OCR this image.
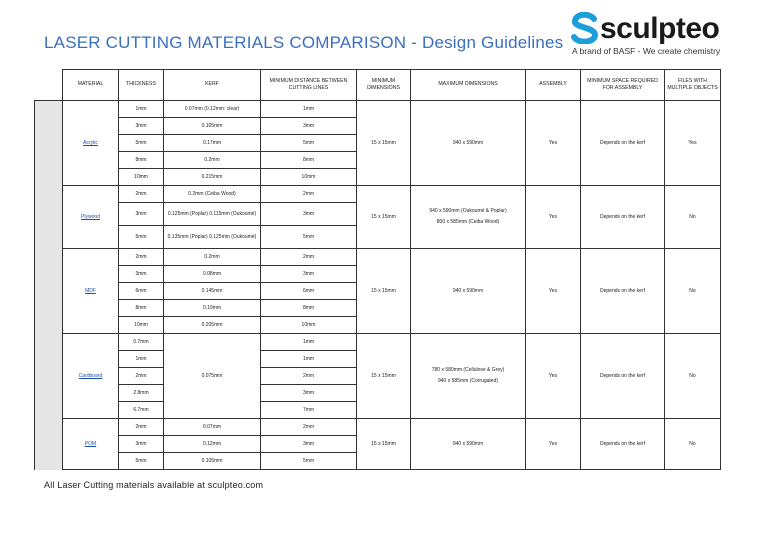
LASER CUTTING MATERIALS COMPARISON - Design Guidelines sculpteo
A brand of BASF - We create chemistry
	MATERIAL	THICKNESS	KERF	MINIMUM DISTANCE BETWEEN CUTTING LINES	MINIMUM DIMENSIONS	MAXIMUM DIMENSIONS	ASSEMBLY	MINIMUM SPACE REQUIRED FOR ASSEMBLY	FILES WITH MULTIPLE OBJECTS
	Acrylic	1mm	0.07mm (0.12mm: clear)	1mm	15 x 15mm	940 x 590mm	Yes	Depends on the kerf	Yes
		3mm	0.105mm	3mm					
		5mm	0.17mm	5mm					
		8mm	0.2mm	8mm					
		10mm	0.215mm	10mm					
	Plywood	2mm	0.2mm (Ceiba Wood)	2mm	15 x 15mm	940 x 590mm (Oukoumé & Poplar)
800 x 585mm (Ceiba Wood)	Yes	Depends on the kerf	No
		3mm	0.125mm (Poplar) 0.115mm (Oukoumé)	3mm					
		5mm	0.135mm (Poplar) 0.125mm (Oukoumé)	5mm					
	MDF	2mm	0.2mm	2mm	15 x 15mm	940 x 590mm	Yes	Depends on the kerf	No
		3mm	0.08mm	3mm					
		6mm	0.145mm	6mm					
		8mm	0.19mm	8mm					
		10mm	0.205mm	10mm					
	Cardboard	0.7mm	0.075mm	1mm	15 x 15mm	780 x 580mm (Cellulose & Grey)
940 x 585mm (Corrugated)	Yes	Depends on the kerf	No
		1mm		1mm					
		2mm		2mm					
		2.8mm		3mm					
		6.7mm		7mm					
	POM	2mm	0.07mm	2mm	15 x 15mm	940 x 590mm	Yes	Depends on the kerf	No
		3mm	0.12mm	3mm					
		5mm	0.105mm	5mm					
All Laser Cutting materials available at sculpteo.com
